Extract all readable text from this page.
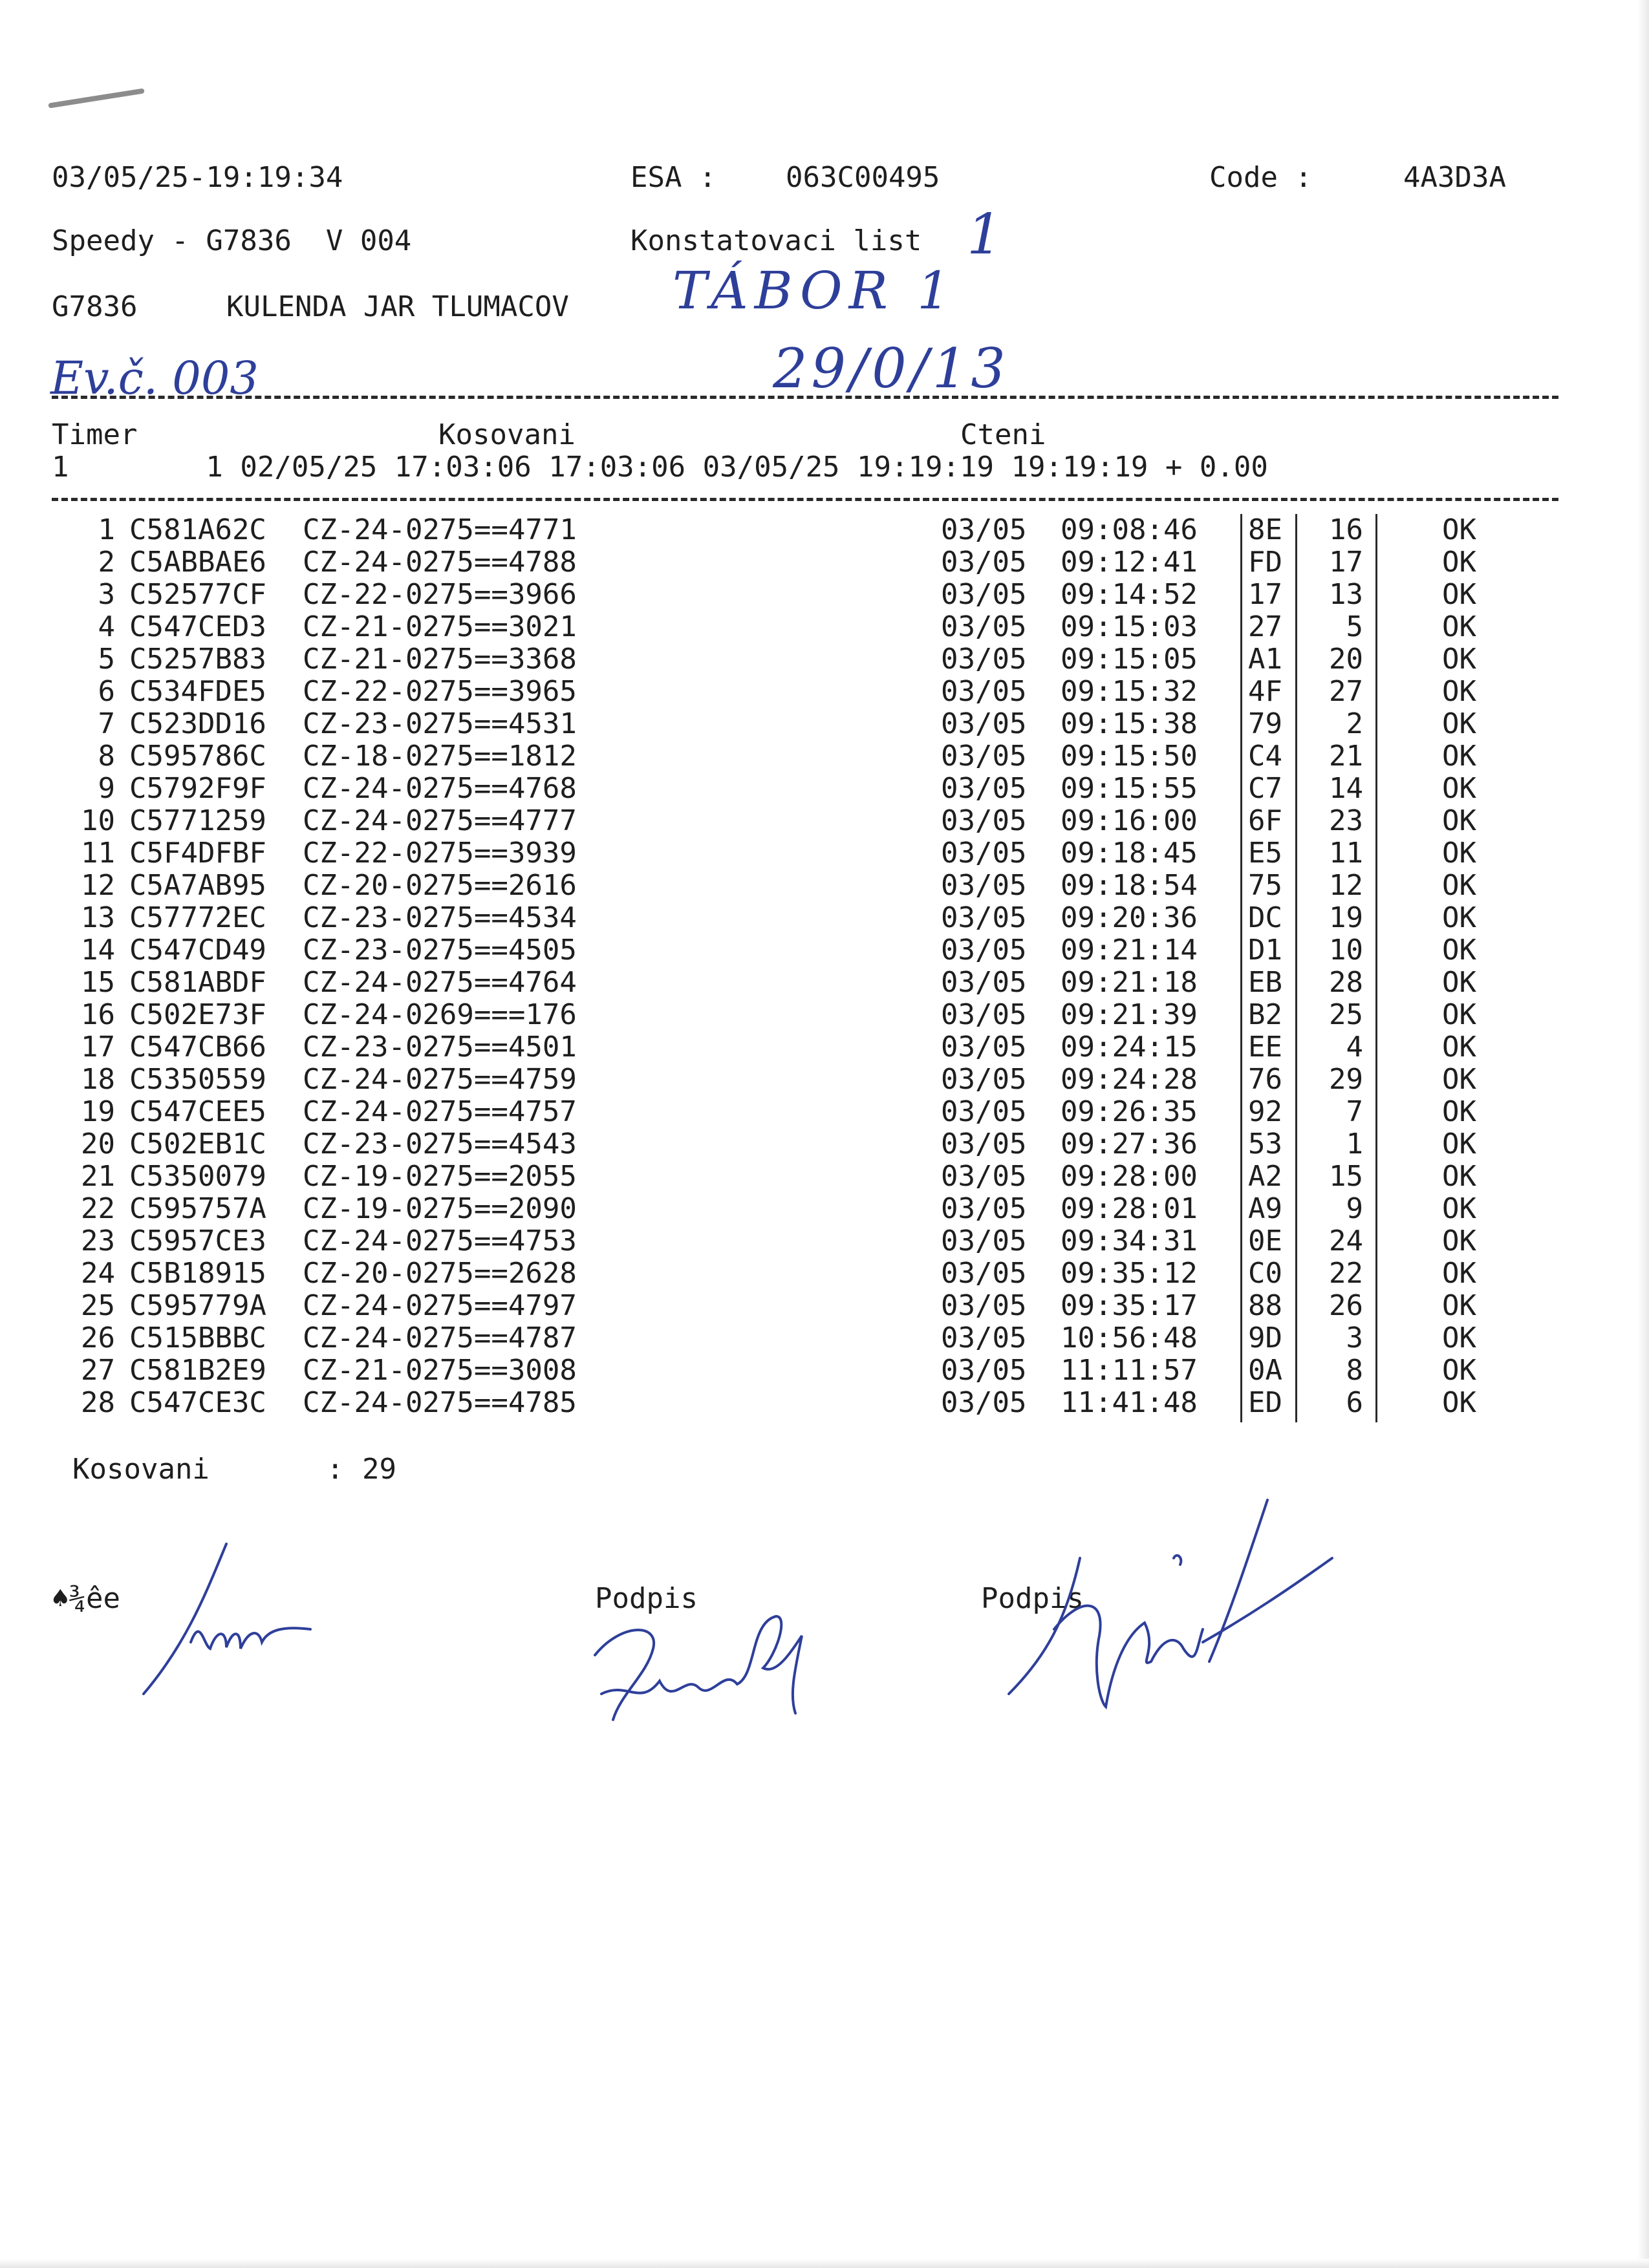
03/05/25-19:19:34	ESA : 063C00495	Code :	4A3D3A
Speedy - G7836  V 004	Konstatovaci list
G7836	KULENDA JAR TLUMACOV
1
TÁBOR 1
Ev.č. 003	29/0/13
Timer	Kosovani	Cteni
1        1 02/05/25 17:03:06 17:03:06 03/05/25 19:19:19 19:19:19 + 0.00
1 C581A62C CZ-24-0275==4771	03/05 09:08:46 8E	16	OK
2 C5ABBAE6 CZ-24-0275==4788	03/05 09:12:41 FD	17	OK
3 C52577CF CZ-22-0275==3966	03/05 09:14:52 17	13	OK
4 C547CED3 CZ-21-0275==3021	03/05 09:15:03 27	5	OK
5 C5257B83 CZ-21-0275==3368	03/05 09:15:05 A1	20	OK
6 C534FDE5 CZ-22-0275==3965	03/05 09:15:32 4F	27	OK
7 C523DD16 CZ-23-0275==4531	03/05 09:15:38 79	2	OK
8 C595786C CZ-18-0275==1812	03/05 09:15:50 C4	21	OK
9 C5792F9F CZ-24-0275==4768	03/05 09:15:55 C7	14	OK
10 C5771259 CZ-24-0275==4777	03/05 09:16:00 6F	23	OK
11 C5F4DFBF CZ-22-0275==3939	03/05 09:18:45 E5	11	OK
12 C5A7AB95 CZ-20-0275==2616	03/05 09:18:54 75	12	OK
13 C57772EC CZ-23-0275==4534	03/05 09:20:36 DC	19	OK
14 C547CD49 CZ-23-0275==4505	03/05 09:21:14 D1	10	OK
15 C581ABDF CZ-24-0275==4764	03/05 09:21:18 EB	28	OK
16 C502E73F CZ-24-0269===176	03/05 09:21:39 B2	25	OK
17 C547CB66 CZ-23-0275==4501	03/05 09:24:15 EE	4	OK
18 C5350559 CZ-24-0275==4759	03/05 09:24:28 76	29	OK
19 C547CEE5 CZ-24-0275==4757	03/05 09:26:35 92	7	OK
20 C502EB1C CZ-23-0275==4543	03/05 09:27:36 53	1	OK
21 C5350079 CZ-19-0275==2055	03/05 09:28:00 A2	15	OK
22 C595757A CZ-19-0275==2090	03/05 09:28:01 A9	9	OK
23 C5957CE3 CZ-24-0275==4753	03/05 09:34:31 0E	24	OK
24 C5B18915 CZ-20-0275==2628	03/05 09:35:12 C0	22	OK
25 C595779A CZ-24-0275==4797	03/05 09:35:17 88	26	OK
26 C515BBBC CZ-24-0275==4787	03/05 10:56:48 9D	3	OK
27 C581B2E9 CZ-21-0275==3008	03/05 11:11:57 0A	8	OK
28 C547CE3C CZ-24-0275==4785	03/05 11:41:48 ED	6	OK
Kosovani	: 29
♠¾êe	Podpis	Podpis
